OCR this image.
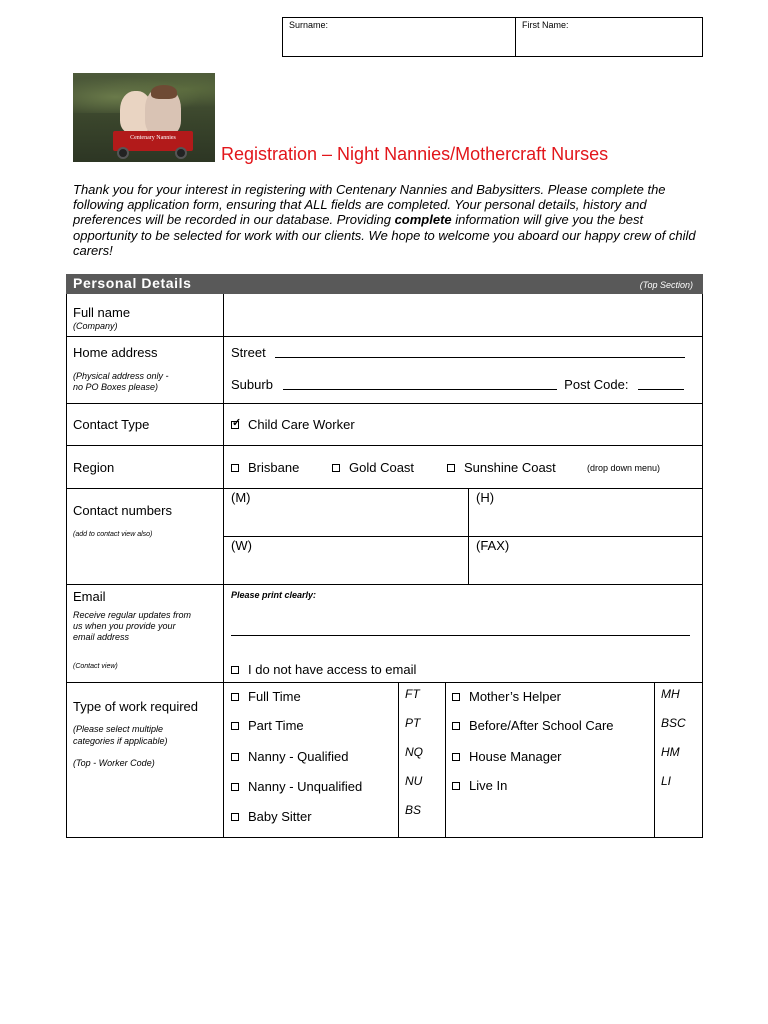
Surname:	First Name:
Centenary Nannies
Registration – Night Nannies/Mothercraft Nurses
Thank you for your interest in registering with Centenary Nannies and Babysitters. Please complete the following application form, ensuring that ALL fields are completed. Your personal details, history and preferences will be recorded in our database. Providing complete information will give you the best opportunity to be selected for work with our clients. We hope to welcome you aboard our happy crew of child carers!
Personal Details	(Top Section)
Full name
(Company)
Home address
(Physical address only -
no PO Boxes please)
Street
Suburb	Post Code:
Contact Type
✓	Child Care Worker
Region	Brisbane	Gold Coast	Sunshine Coast	(drop down menu)
Contact numbers
(add to contact view also)
(M)	(H)
(W)	(FAX)
Email
Receive regular updates from
us when you provide your
email address
(Contact view)
Please print clearly:
I do not have access to email
Type of work required
(Please select multiple
categories if applicable)
(Top - Worker Code)
Full Time
Part Time
Nanny - Qualified
Nanny - Unqualified
Baby Sitter
FT
PT
NQ
NU
BS
Mother’s Helper
Before/After School Care
House Manager
Live In
MH
BSC
HM
LI
